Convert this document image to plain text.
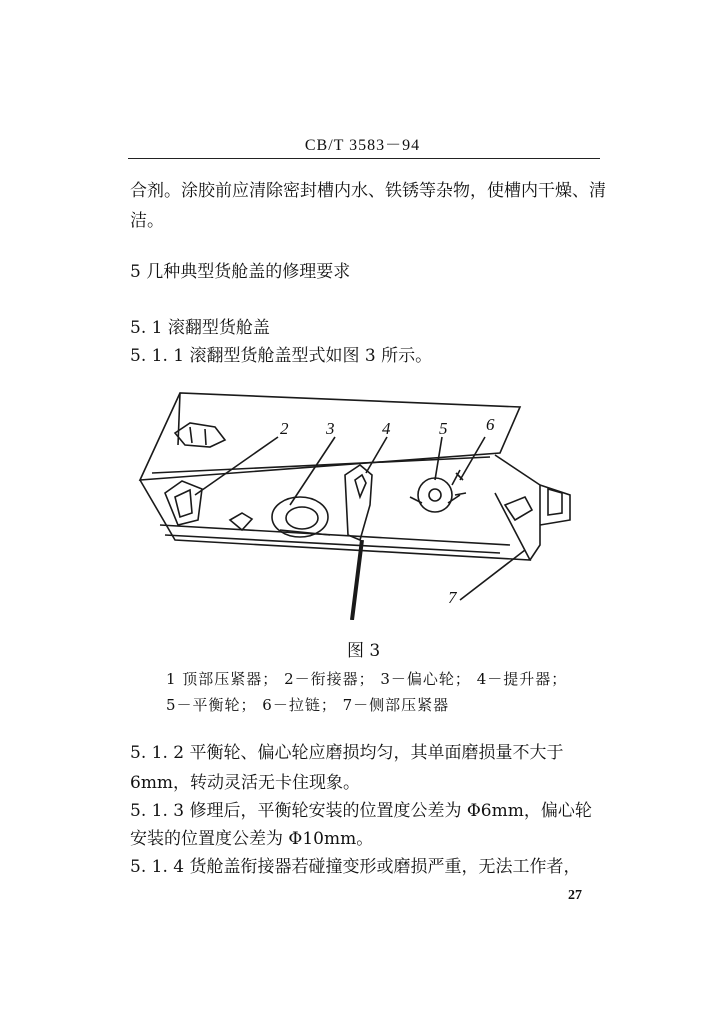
CB/T 3583－94
合剂。涂胶前应清除密封槽内水、铁锈等杂物，使槽内干燥、清
洁。
5 几种典型货舱盖的修理要求
5. 1 滚翻型货舱盖
5. 1. 1 滚翻型货舱盖型式如图 3 所示。
2 3	4	5 6
7
图 3
1 顶部压紧器； 2－衔接器； 3－偏心轮； 4－提升器；
5－平衡轮； 6－拉链； 7－侧部压紧器
5. 1. 2 平衡轮、偏心轮应磨损均匀，其单面磨损量不大于
6mm，转动灵活无卡住现象。
5. 1. 3 修理后，平衡轮安装的位置度公差为 Φ6mm，偏心轮
安装的位置度公差为 Φ10mm。
5. 1. 4 货舱盖衔接器若碰撞变形或磨损严重，无法工作者，
27
